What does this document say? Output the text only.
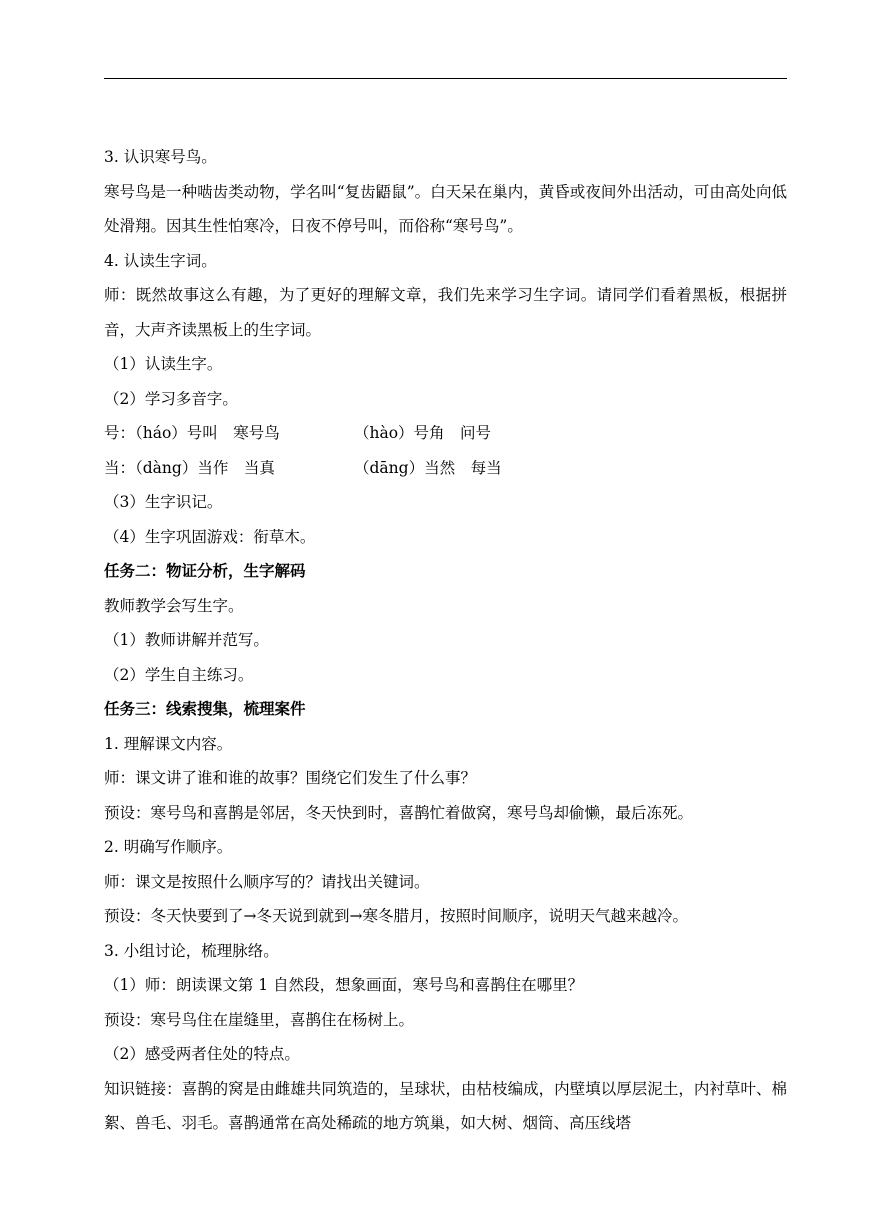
3. 认识寒号鸟。

寒号鸟是一种啮齿类动物，学名叫“复齿鼯鼠”。白天呆在巢内，黄昏或夜间外出活动，可由高处向低处滑翔。因其生性怕寒冷，日夜不停号叫，而俗称“寒号鸟”。

4. 认读生字词。

师：既然故事这么有趣，为了更好的理解文章，我们先来学习生字词。请同学们看着黑板，根据拼音，大声齐读黑板上的生字词。

（1）认读生字。

（2）学习多音字。

号：（háo）号叫　寒号鸟	（hào）号角　问号
当：（dàng）当作　当真	（dāng）当然　每当

（3）生字识记。

（4）生字巩固游戏：衔草木。

任务二：物证分析，生字解码

教师教学会写生字。

（1）教师讲解并范写。

（2）学生自主练习。

任务三：线索搜集，梳理案件

1. 理解课文内容。

师：课文讲了谁和谁的故事？围绕它们发生了什么事？

预设：寒号鸟和喜鹊是邻居，冬天快到时，喜鹊忙着做窝，寒号鸟却偷懒，最后冻死。

2. 明确写作顺序。

师：课文是按照什么顺序写的？请找出关键词。

预设：冬天快要到了→冬天说到就到→寒冬腊月，按照时间顺序，说明天气越来越冷。

3. 小组讨论，梳理脉络。

（1）师：朗读课文第 1 自然段，想象画面，寒号鸟和喜鹊住在哪里？

预设：寒号鸟住在崖缝里，喜鹊住在杨树上。

（2）感受两者住处的特点。

知识链接：喜鹊的窝是由雌雄共同筑造的，呈球状，由枯枝编成，内壁填以厚层泥土，内衬草叶、棉絮、兽毛、羽毛。喜鹊通常在高处稀疏的地方筑巢，如大树、烟筒、高压线塔
